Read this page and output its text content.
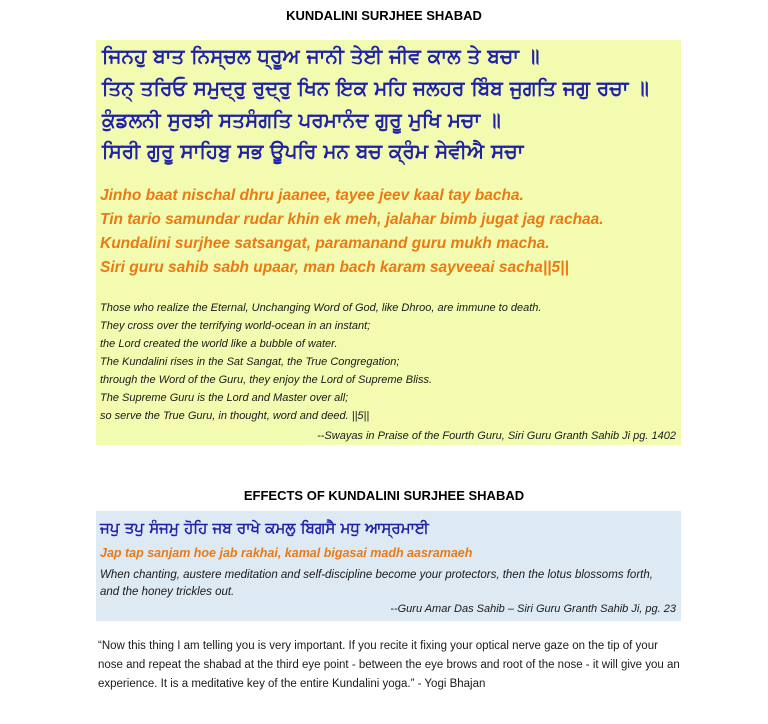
KUNDALINI SURJHEE SHABAD
ਜਿਨਹੁ ਬਾਤ ਨਿਸ੍ਚਲ ਧ੍ਰੂਅ ਜਾਨੀ ਤੇਈ ਜੀਵ ਕਾਲ ਤੇ ਬਚਾ ॥
ਤਿਨ੍ ਤਰਿਓ ਸਮੁਦ੍ਰੁ ਰੁਦ੍ਰੁ ਖਿਨ ਇਕ ਮਹਿ ਜਲਹਰ ਬਿੰਬ ਜੁਗਤਿ ਜਗੁ ਰਚਾ ॥
ਕੁੰਡਲਨੀ ਸੁਰਝੀ ਸਤਸੰਗਤਿ ਪਰਮਾਨੰਦ ਗੁਰੂ ਮੁਖਿ ਮਚਾ ॥
ਸਿਰੀ ਗੁਰੂ ਸਾਹਿਬੁ ਸਭ ਊਪਰਿ ਮਨ ਬਚ ਕ੍ਰੰਮ ਸੇਵੀਐ ਸਚਾ
Jinho baat nischal dhru jaanee, tayee jeev kaal tay bacha.
Tin tario samundar rudar khin ek meh, jalahar bimb jugat jag rachaa.
Kundalini surjhee satsangat, paramanand guru mukh macha.
Siri guru sahib sabh upaar, man bach karam sayveeai sacha||5||
Those who realize the Eternal, Unchanging Word of God, like Dhroo, are immune to death.
They cross over the terrifying world-ocean in an instant;
the Lord created the world like a bubble of water.
The Kundalini rises in the Sat Sangat, the True Congregation;
through the Word of the Guru, they enjoy the Lord of Supreme Bliss.
The Supreme Guru is the Lord and Master over all;
so serve the True Guru, in thought, word and deed. ||5||
--Swayas in Praise of the Fourth Guru, Siri Guru Granth Sahib Ji pg. 1402
EFFECTS OF KUNDALINI SURJHEE SHABAD
ਜਪੁ ਤਪੁ ਸੰਜਮੁ ਹੋਹਿ ਜਬ ਰਾਖੇ ਕਮਲੁ ਬਿਗਸੈ ਮਧੁ ਆਸ੍ਰਮਾਈ
Jap tap sanjam hoe jab rakhai, kamal bigasai madh aasramaeh
When chanting, austere meditation and self-discipline become your protectors, then the lotus blossoms forth, and the honey trickles out.
--Guru Amar Das Sahib – Siri Guru Granth Sahib Ji, pg. 23
“Now this thing I am telling you is very important. If you recite it fixing your optical nerve gaze on the tip of your nose and repeat the shabad at the third eye point - between the eye brows and root of the nose - it will give you an experience. It is a meditative key of the entire Kundalini yoga.” - Yogi Bhajan
